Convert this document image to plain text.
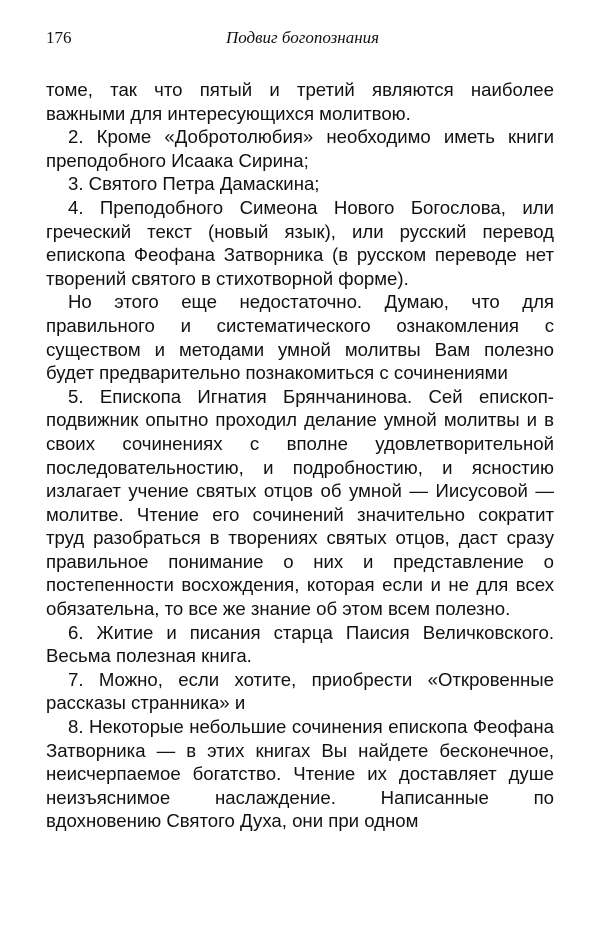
176	Подвиг богопознания

томе, так что пятый и третий являются наиболее важными для интересующихся молитвою.

2. Кроме «Добротолюбия» необходимо иметь книги преподобного Исаака Сирина;

3. Святого Петра Дамаскина;

4. Преподобного Симеона Нового Богослова, или греческий текст (новый язык), или русский перевод епископа Феофана Затворника (в русском переводе нет творений святого в стихотворной форме).

Но этого еще недостаточно. Думаю, что для правильного и систематического ознакомления с существом и методами умной молитвы Вам полезно будет предварительно познакомиться с сочинениями

5. Епископа Игнатия Брянчанинова. Сей епископ-подвижник опытно проходил делание умной молитвы и в своих сочинениях с вполне удовлетворительной последовательностию, и подробностию, и ясностию излагает учение святых отцов об умной — Иисусовой — молитве. Чтение его сочинений значительно сократит труд разобраться в творениях святых отцов, даст сразу правильное понимание о них и представление о постепенности восхождения, которая если и не для всех обязательна, то все же знание об этом всем полезно.

6. Житие и писания старца Паисия Величковского. Весьма полезная книга.

7. Можно, если хотите, приобрести «Откровенные рассказы странника» и

8. Некоторые небольшие сочинения епископа Феофана Затворника — в этих книгах Вы найдете бесконечное, неисчерпаемое богатство. Чтение их доставляет душе неизъяснимое наслаждение. Написанные по вдохновению Святого Духа, они при одном
